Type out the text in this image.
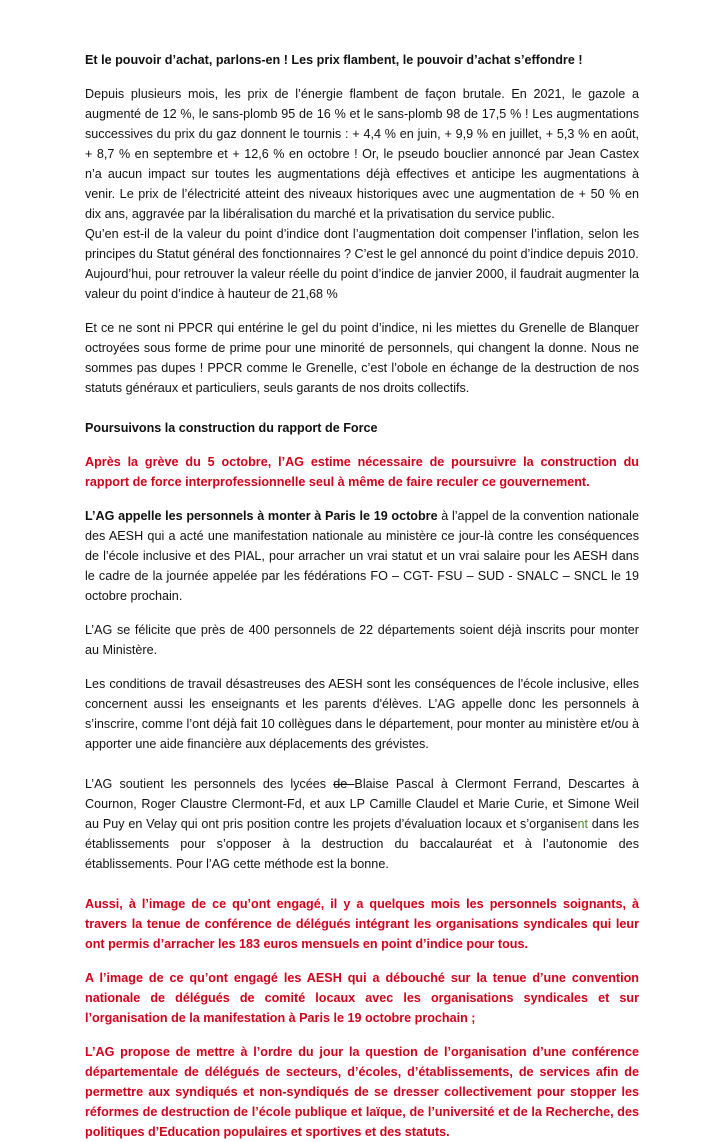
Et le pouvoir d’achat, parlons-en ! Les prix flambent, le pouvoir d’achat s’effondre !

Depuis plusieurs mois, les prix de l’énergie flambent de façon brutale. En 2021, le gazole a augmenté de 12 %, le sans-plomb 95 de 16 % et le sans-plomb 98 de 17,5 % ! Les augmentations successives du prix du gaz donnent le tournis : + 4,4 % en juin, + 9,9 % en juillet, + 5,3 % en août, + 8,7 % en septembre et + 12,6 % en octobre ! Or, le pseudo bouclier annoncé par Jean Castex n’a aucun impact sur toutes les augmentations déjà effectives et anticipe les augmentations à venir. Le prix de l’électricité atteint des niveaux historiques avec une augmentation de + 50 % en dix ans, aggravée par la libéralisation du marché et la privatisation du service public.

Qu’en est-il de la valeur du point d’indice dont l’augmentation doit compenser l’inflation, selon les principes du Statut général des fonctionnaires ? C’est le gel annoncé du point d’indice depuis 2010.

Aujourd’hui, pour retrouver la valeur réelle du point d’indice de janvier 2000, il faudrait augmenter la valeur du point d’indice à hauteur de 21,68 %

Et ce ne sont ni PPCR qui entérine le gel du point d’indice, ni les miettes du Grenelle de Blanquer octroyées sous forme de prime pour une minorité de personnels, qui changent la donne. Nous ne sommes pas dupes ! PPCR comme le Grenelle, c’est l’obole en échange de la destruction de nos statuts généraux et particuliers, seuls garants de nos droits collectifs.

Poursuivons la construction du rapport de Force

Après la grève du 5 octobre, l’AG estime nécessaire de poursuivre la construction du rapport de force interprofessionnelle seul à même de faire reculer ce gouvernement.

L’AG appelle les personnels à monter à Paris le 19 octobre à l’appel de la convention nationale des AESH qui a acté une manifestation nationale au ministère ce jour-là contre les conséquences de l’école inclusive et des PIAL, pour arracher un vrai statut et un vrai salaire pour les AESH dans le cadre de la journée appelée par les fédérations FO – CGT- FSU – SUD - SNALC – SNCL le 19 octobre prochain.

L’AG se félicite que près de 400 personnels de 22 départements soient déjà inscrits pour monter au Ministère.

Les conditions de travail désastreuses des AESH sont les conséquences de l'école inclusive, elles concernent aussi les enseignants et les parents d'élèves. L’AG appelle donc les personnels à s’inscrire, comme l’ont déjà fait 10 collègues dans le département, pour monter au ministère et/ou à apporter une aide financière aux déplacements des grévistes.

L’AG soutient les personnels des lycées de Blaise Pascal à Clermont Ferrand, Descartes à Cournon, Roger Claustre Clermont-Fd, et aux LP Camille Claudel et Marie Curie, et Simone Weil au Puy en Velay qui ont pris position contre les projets d’évaluation locaux et s’organisent dans les établissements pour s’opposer à la destruction du baccalauréat et à l’autonomie des établissements. Pour l’AG cette méthode est la bonne.

Aussi, à l’image de ce qu’ont engagé, il y a quelques mois les personnels soignants, à travers la tenue de conférence de délégués intégrant les organisations syndicales qui leur ont permis d’arracher les 183 euros mensuels en point d’indice pour tous.

A l’image de ce qu’ont engagé les AESH qui a débouché sur la tenue d’une convention nationale de délégués de comité locaux avec les organisations syndicales et sur l’organisation de la manifestation à Paris le 19 octobre prochain ;

L’AG propose de mettre à l’ordre du jour la question de l’organisation d’une conférence départementale de délégués de secteurs, d’écoles, d’établissements, de services afin de permettre aux syndiqués et non-syndiqués de se dresser collectivement pour stopper les réformes de destruction de l’école publique et laïque, de l’université et de la Recherche, des politiques d’Education populaires et sportives et des statuts.
